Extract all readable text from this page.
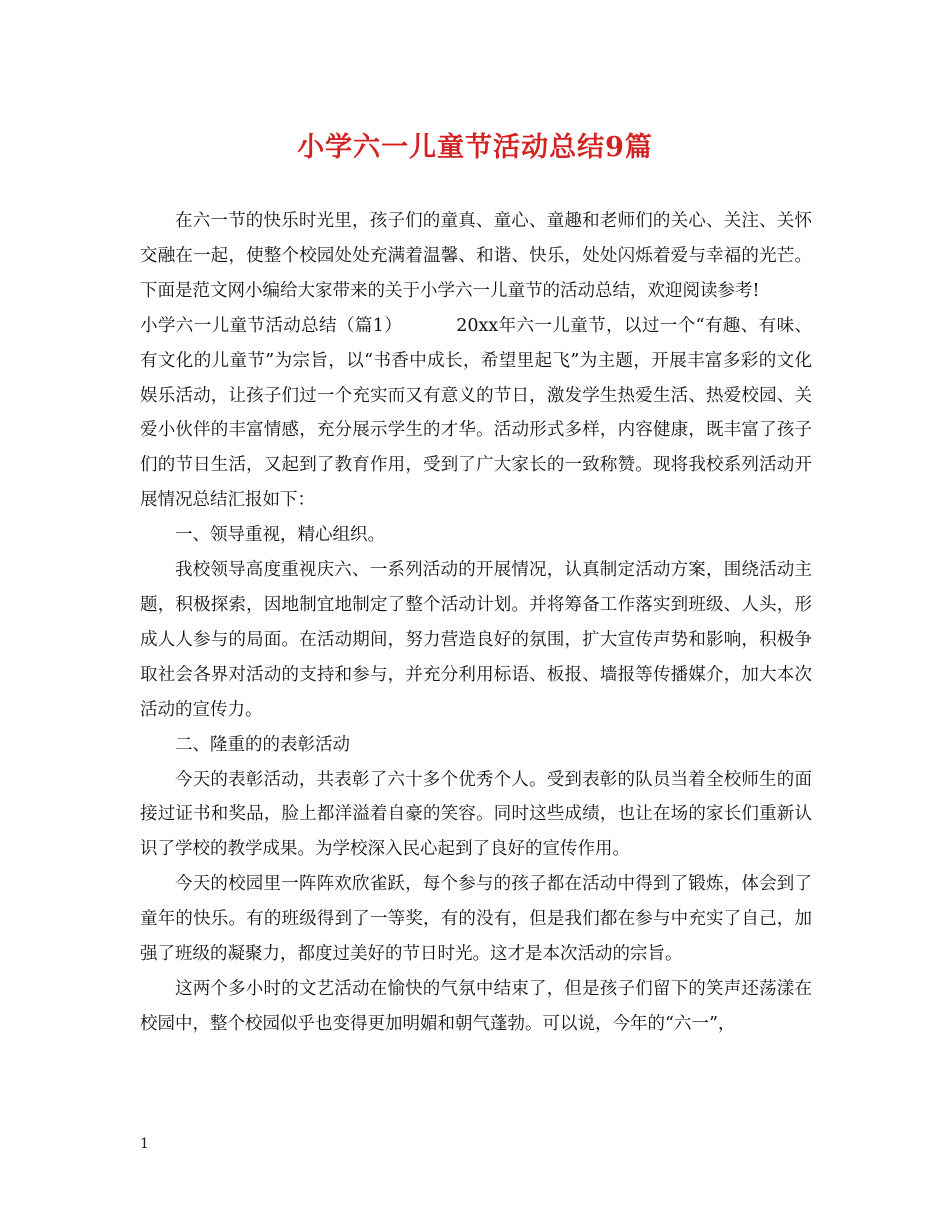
小学六一儿童节活动总结9篇

在六一节的快乐时光里，孩子们的童真、童心、童趣和老师们的关心、关注、关怀交融在一起，使整个校园处处充满着温馨、和谐、快乐，处处闪烁着爱与幸福的光芒。下面是范文网小编给大家带来的关于小学六一儿童节的活动总结，欢迎阅读参考!

小学六一儿童节活动总结（篇1）	20xx年六一儿童节，以过一个“有趣、有味、有文化的儿童节”为宗旨，以“书香中成长，希望里起飞”为主题，开展丰富多彩的文化娱乐活动，让孩子们过一个充实而又有意义的节日，激发学生热爱生活、热爱校园、关爱小伙伴的丰富情感，充分展示学生的才华。活动形式多样，内容健康，既丰富了孩子们的节日生活，又起到了教育作用，受到了广大家长的一致称赞。现将我校系列活动开展情况总结汇报如下：

一、领导重视，精心组织。

我校领导高度重视庆六、一系列活动的开展情况，认真制定活动方案，围绕活动主题，积极探索，因地制宜地制定了整个活动计划。并将筹备工作落实到班级、人头，形成人人参与的局面。在活动期间，努力营造良好的氛围，扩大宣传声势和影响，积极争取社会各界对活动的支持和参与，并充分利用标语、板报、墙报等传播媒介，加大本次活动的宣传力。

二、隆重的的表彰活动

今天的表彰活动，共表彰了六十多个优秀个人。受到表彰的队员当着全校师生的面接过证书和奖品，脸上都洋溢着自豪的笑容。同时这些成绩，也让在场的家长们重新认识了学校的教学成果。为学校深入民心起到了良好的宣传作用。

今天的校园里一阵阵欢欣雀跃，每个参与的孩子都在活动中得到了锻炼，体会到了童年的快乐。有的班级得到了一等奖，有的没有，但是我们都在参与中充实了自己，加强了班级的凝聚力，都度过美好的节日时光。这才是本次活动的宗旨。

这两个多小时的文艺活动在愉快的气氛中结束了，但是孩子们留下的笑声还荡漾在校园中，整个校园似乎也变得更加明媚和朝气蓬勃。可以说，今年的“六一”，

1
